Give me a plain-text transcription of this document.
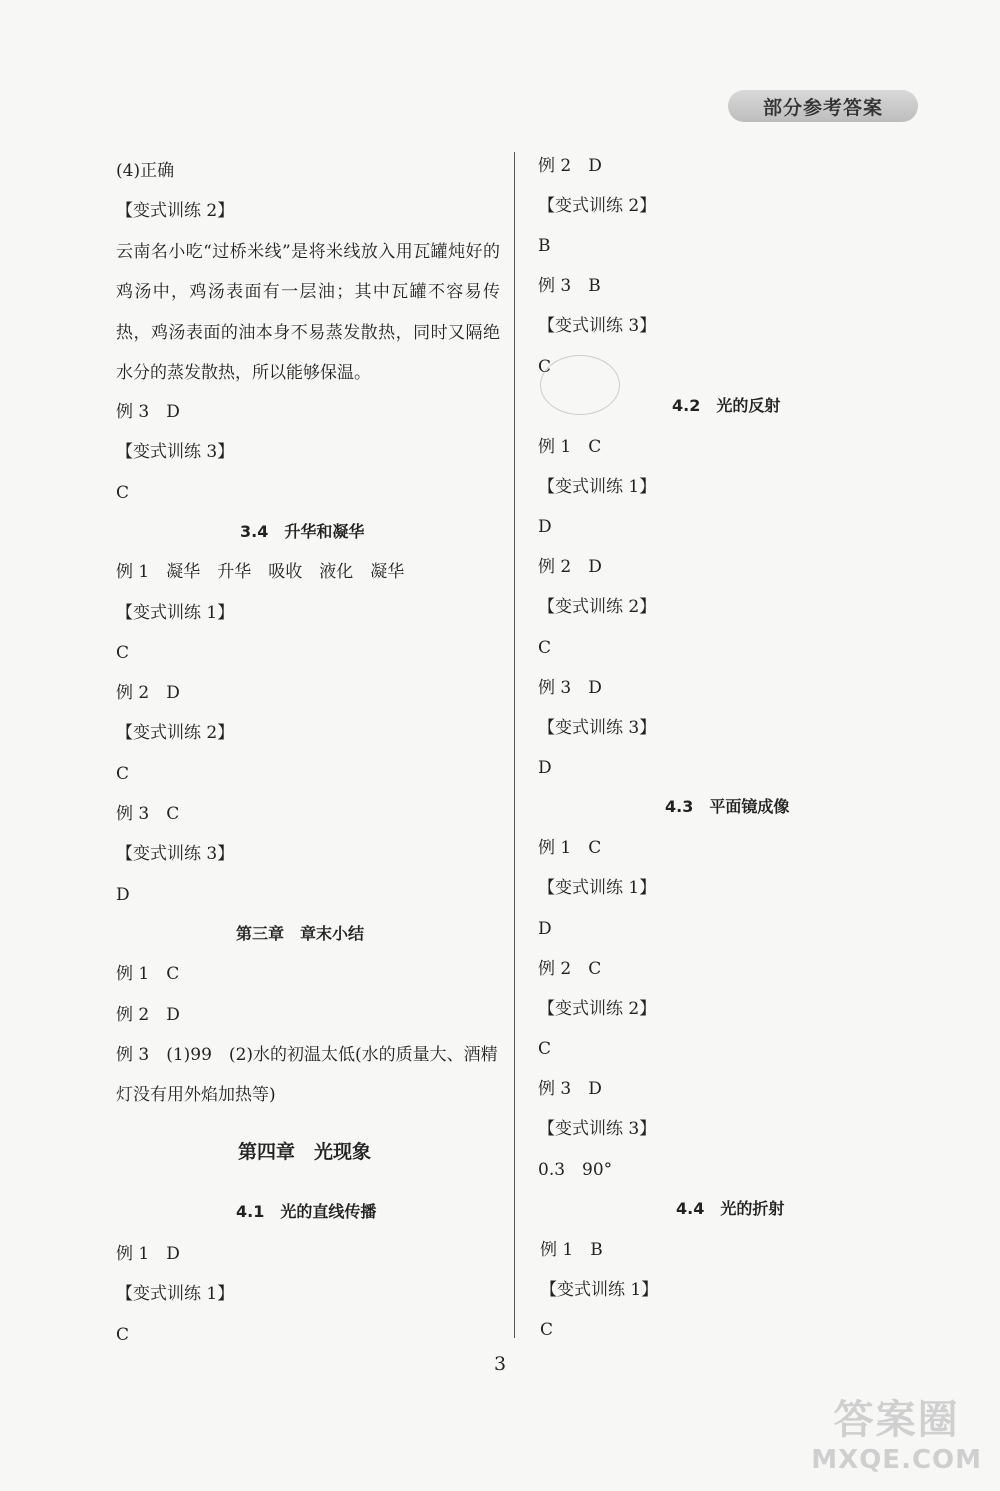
部分参考答案
(4)正确
【变式训练 2】
云南名小吃“过桥米线”是将米线放入用瓦罐炖好的鸡汤中，鸡汤表面有一层油；其中瓦罐不容易传热，鸡汤表面的油本身不易蒸发散热，同时又隔绝水分的蒸发散热，所以能够保温。
例 3　D
【变式训练 3】
C
3.4　升华和凝华
例 1　凝华　升华　吸收　液化　凝华
【变式训练 1】
C
例 2　D
【变式训练 2】
C
例 3　C
【变式训练 3】
D
第三章　章末小结
例 1　C
例 2　D
例 3　(1)99　(2)水的初温太低(水的质量大、酒精
灯没有用外焰加热等)
第四章　光现象
4.1　光的直线传播
例 1　D
【变式训练 1】
C
例 2　D
【变式训练 2】
B
例 3　B
【变式训练 3】
C
4.2　光的反射
例 1　C
【变式训练 1】
D
例 2　D
【变式训练 2】
C
例 3　D
【变式训练 3】
D
4.3　平面镜成像
例 1　C
【变式训练 1】
D
例 2　C
【变式训练 2】
C
例 3　D
【变式训练 3】
0.3　90°
4.4　光的折射
例 1　B
【变式训练 1】
C
3
答案圈
MXQE.COM
